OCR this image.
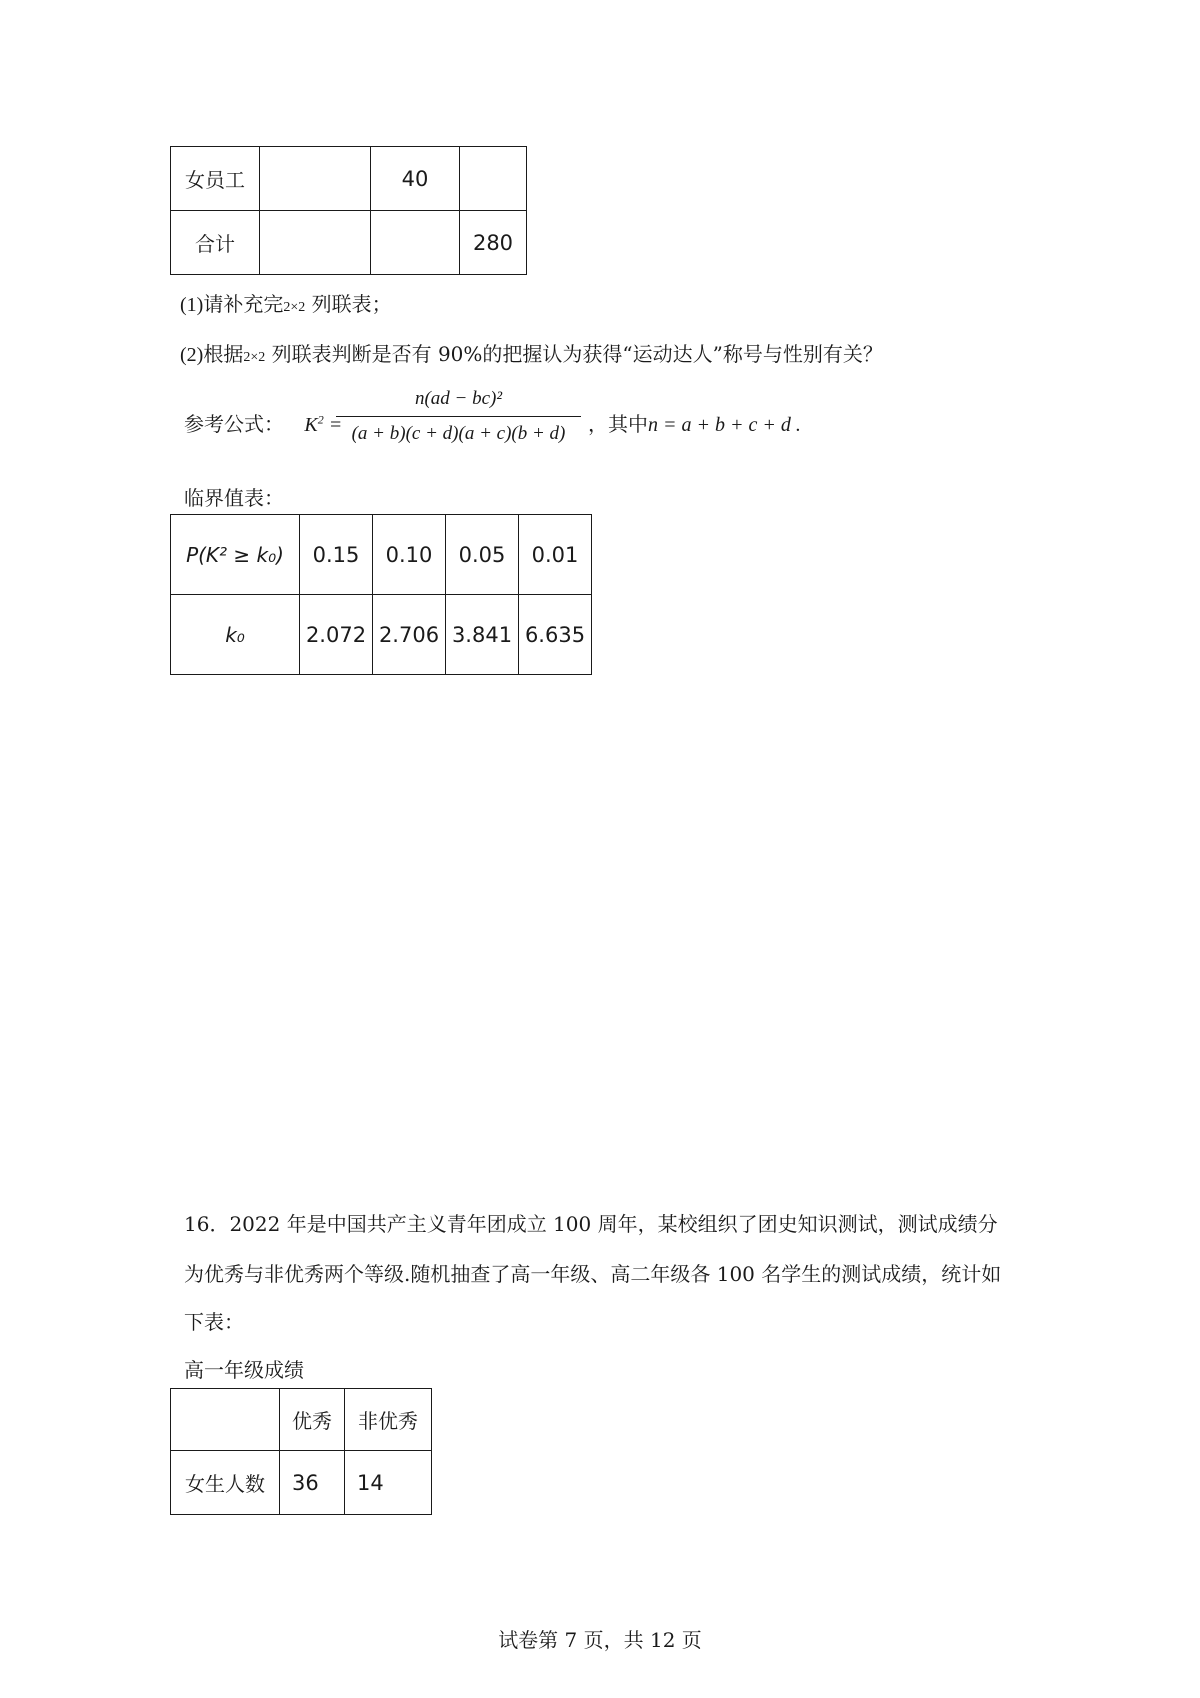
女员工		40	
合计			280
(1)请补充完2×2 列联表；
(2)根据2×2 列联表判断是否有 90%的把握认为获得“运动达人”称号与性别有关？
参考公式： $K^2$ =
n(ad − bc)²
(a + b)(c + d)(a + c)(b + d)	，其中n = a + b + c + d .
临界值表：
P(K² ≥ k₀)	0.15	0.10	0.05	0.01
k₀	2.072	2.706	3.841	6.635
16．2022 年是中国共产主义青年团成立 100 周年，某校组织了团史知识测试，测试成绩分
为优秀与非优秀两个等级.随机抽查了高一年级、高二年级各 100 名学生的测试成绩，统计如
下表：
高一年级成绩
	优秀	非优秀
女生人数	36	14
试卷第 7 页，共 12 页
